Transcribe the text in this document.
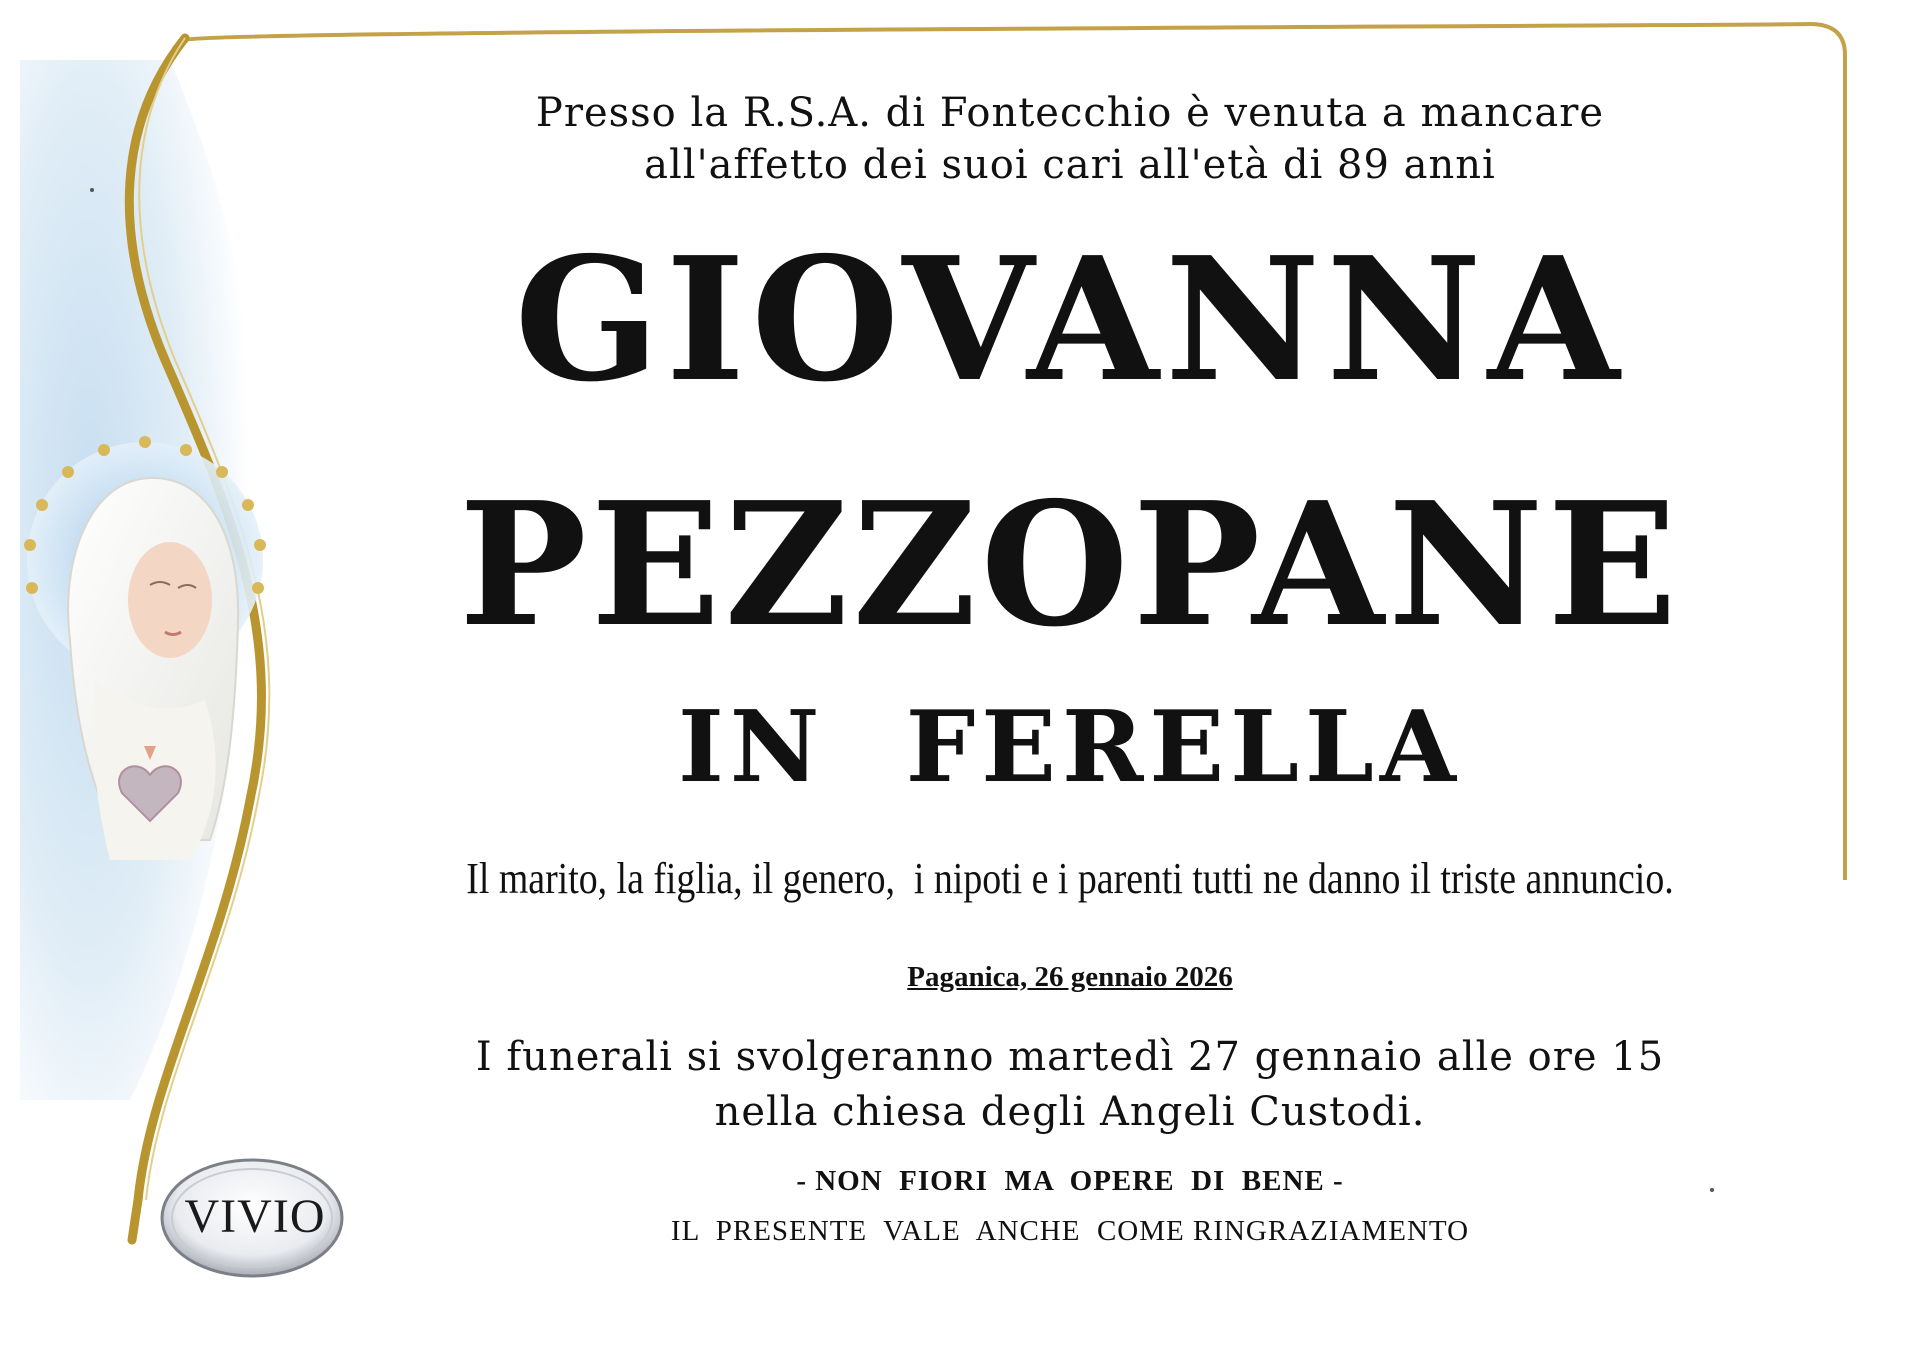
Presso la R.S.A. di Fontecchio è venuta a mancare
all'affetto dei suoi cari all'età di 89 anni
GIOVANNA
PEZZOPANE
IN  FERELLA
Il marito, la figlia, il genero,  i nipoti e i parenti tutti ne danno il triste annuncio.
Paganica, 26 gennaio 2026
I funerali si svolgeranno martedì 27 gennaio alle ore 15
nella chiesa degli Angeli Custodi.
- NON  FIORI  MA  OPERE  DI  BENE -
IL  PRESENTE  VALE  ANCHE  COME RINGRAZIAMENTO
VIVIO
